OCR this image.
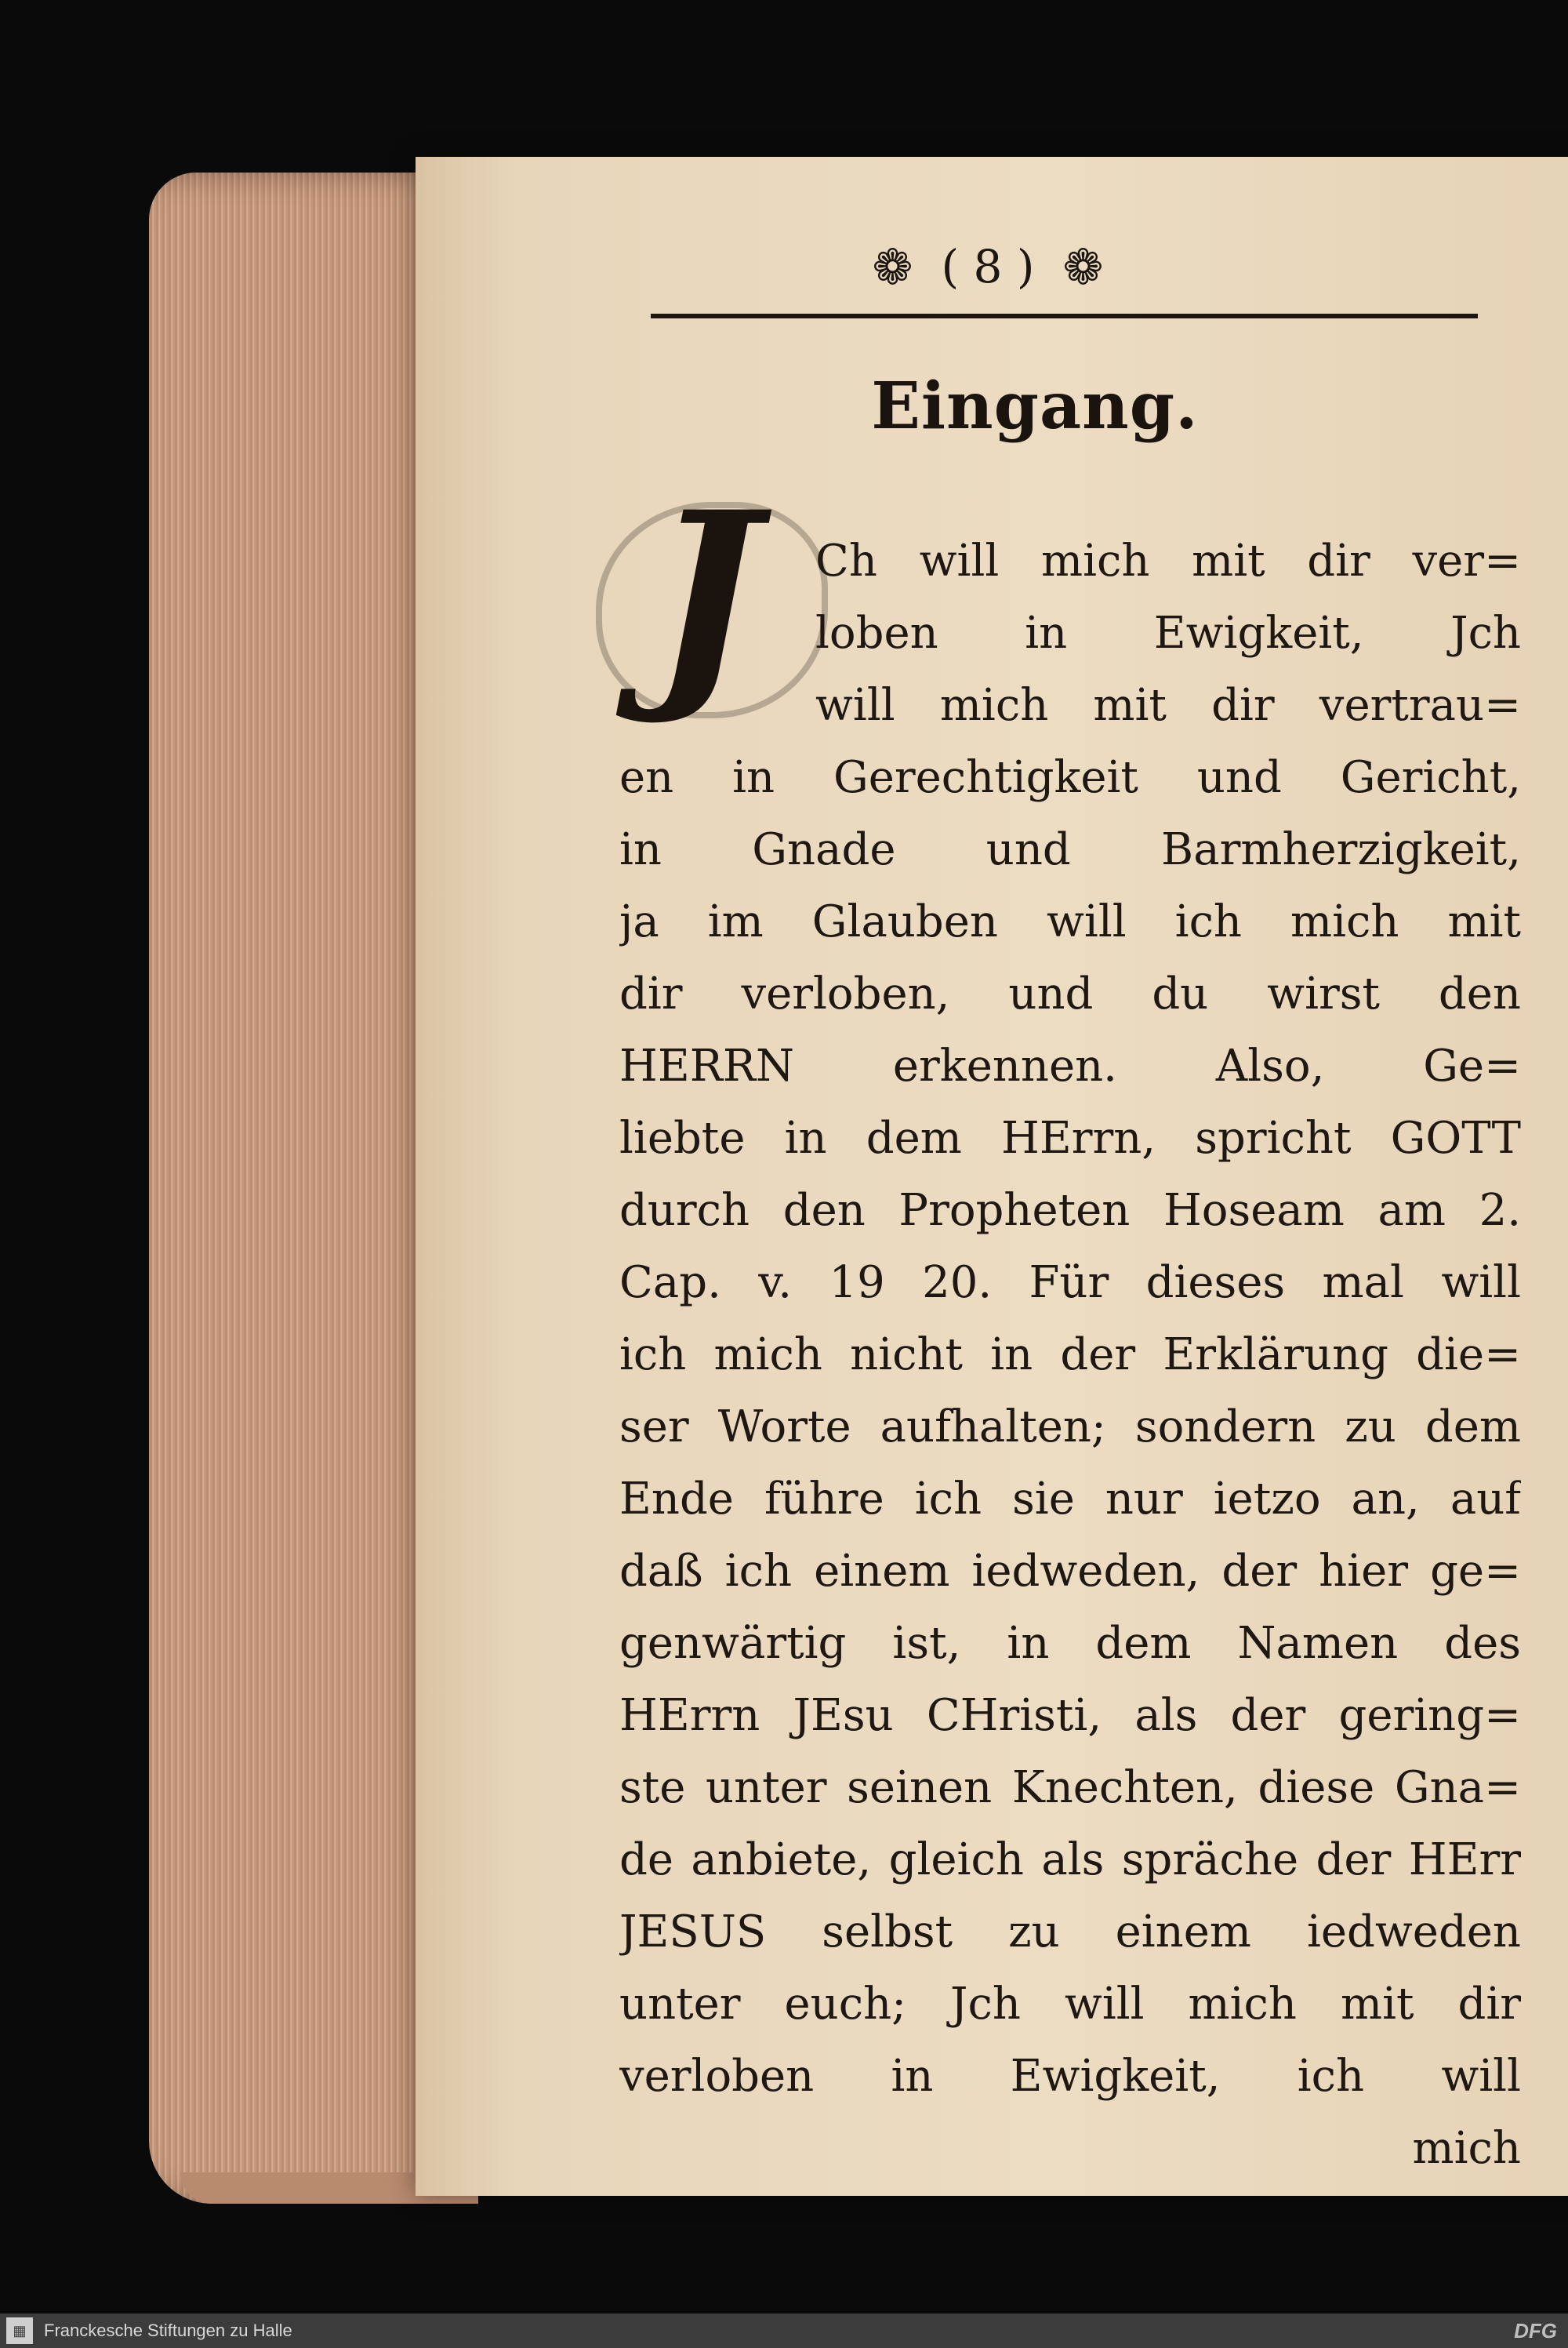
❁ ( 8 ) ❁
Eingang.
J	Ch will mich mit dir ver=
loben in Ewigkeit, Jch
will mich mit dir vertrau=
en in Gerechtigkeit und Gericht,
in Gnade und Barmherzigkeit,
ja im Glauben will ich mich mit
dir verloben, und du wirst den
HERRN erkennen. Also, Ge=
liebte in dem HErrn, spricht GOTT
durch den Propheten Hoseam am 2.
Cap. v. 19 20. Für dieses mal will
ich mich nicht in der Erklärung die=
ser Worte aufhalten; sondern zu dem
Ende führe ich sie nur ietzo an, auf
daß ich einem iedweden, der hier ge=
genwärtig ist, in dem Namen des
HErrn JEsu CHristi, als der gering=
ste unter seinen Knechten, diese Gna=
de anbiete, gleich als spräche der HErr
JESUS selbst zu einem iedweden
unter euch; Jch will mich mit dir
verloben in Ewigkeit, ich will
mich
▦	Franckesche Stiftungen zu Halle	DFG
